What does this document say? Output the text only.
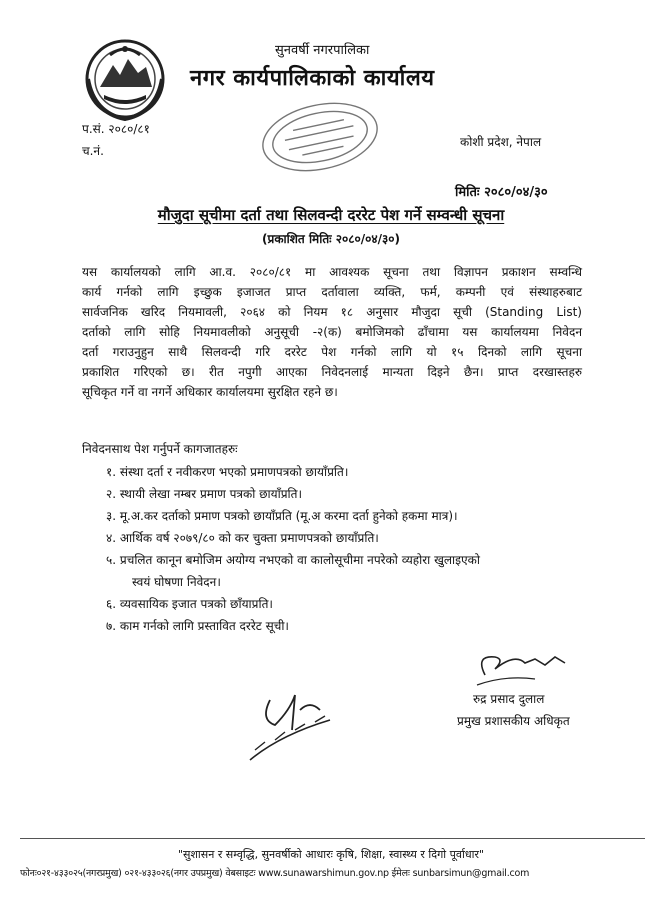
सुनवर्षी नगरपालिका
नगर कार्यपालिकाको कार्यालय
प.सं. २०८०/८१
च.नं.
कोशी प्रदेश, नेपाल
मितिः २०८०/०४/३०
मौजुदा सूचीमा दर्ता तथा सिलवन्दी दररेट पेश गर्ने सम्वन्धी सूचना
(प्रकाशित मितिः २०८०/०४/३०)
यस कार्यालयको लागि आ.व. २०८०/८१ मा आवश्यक सूचना तथा विज्ञापन प्रकाशन सम्वन्धि
कार्य गर्नको लागि इच्छुक इजाजत प्राप्त दर्तावाला व्यक्ति, फर्म, कम्पनी एवं संस्थाहरुबाट
सार्वजनिक खरिद नियमावली, २०६४ को नियम १८ अनुसार मौजुदा सूची (Standing List)
दर्ताको लागि सोहि नियमावलीको अनुसूची -२(क) बमोजिमको ढाँचामा यस कार्यालयमा निवेदन
दर्ता गराउनुहुन साथै सिलवन्दी गरि दररेट पेश गर्नको लागि यो १५ दिनको लागि सूचना
प्रकाशित गरिएको छ। रीत नपुगी आएका निवेदनलाई मान्यता दिइने छैन। प्राप्त दरखास्तहरु
सूचिकृत गर्ने वा नगर्ने अधिकार कार्यालयमा सुरक्षित रहने छ।
निवेदनसाथ पेश गर्नुपर्ने कागजातहरुः
१. संस्था दर्ता र नवीकरण भएको प्रमाणपत्रको छायाँप्रति।
२. स्थायी लेखा नम्बर प्रमाण पत्रको छायाँप्रति।
३. मू.अ.कर दर्ताको प्रमाण पत्रको छायाँप्रति (मू.अ करमा दर्ता हुनेको हकमा मात्र)।
४. आर्थिक वर्ष २०७९/८० को कर चुक्ता प्रमाणपत्रको छायाँप्रति।
५. प्रचलित कानून बमोजिम अयोग्य नभएको वा कालोसूचीमा नपरेको व्यहोरा खुलाइएको
स्वयं घोषणा निवेदन।
६. व्यवसायिक इजात पत्रको छाँयाप्रति।
७. काम गर्नको लागि प्रस्तावित दररेट सूची।
रुद्र प्रसाद दुलाल
प्रमुख प्रशासकीय अधिकृत
"सुशासन र सम्वृद्धि, सुनवर्षीको आधारः कृषि, शिक्षा, स्वास्थ्य र दिगो पूर्वाधार"
फोनः०२१-४३३०२५(नगरप्रमुख) ०२१-४३३०२६(नगर उपप्रमुख) वेबसाइटः www.sunawarshimun.gov.np ईमेलः sunbarsimun@gmail.com
